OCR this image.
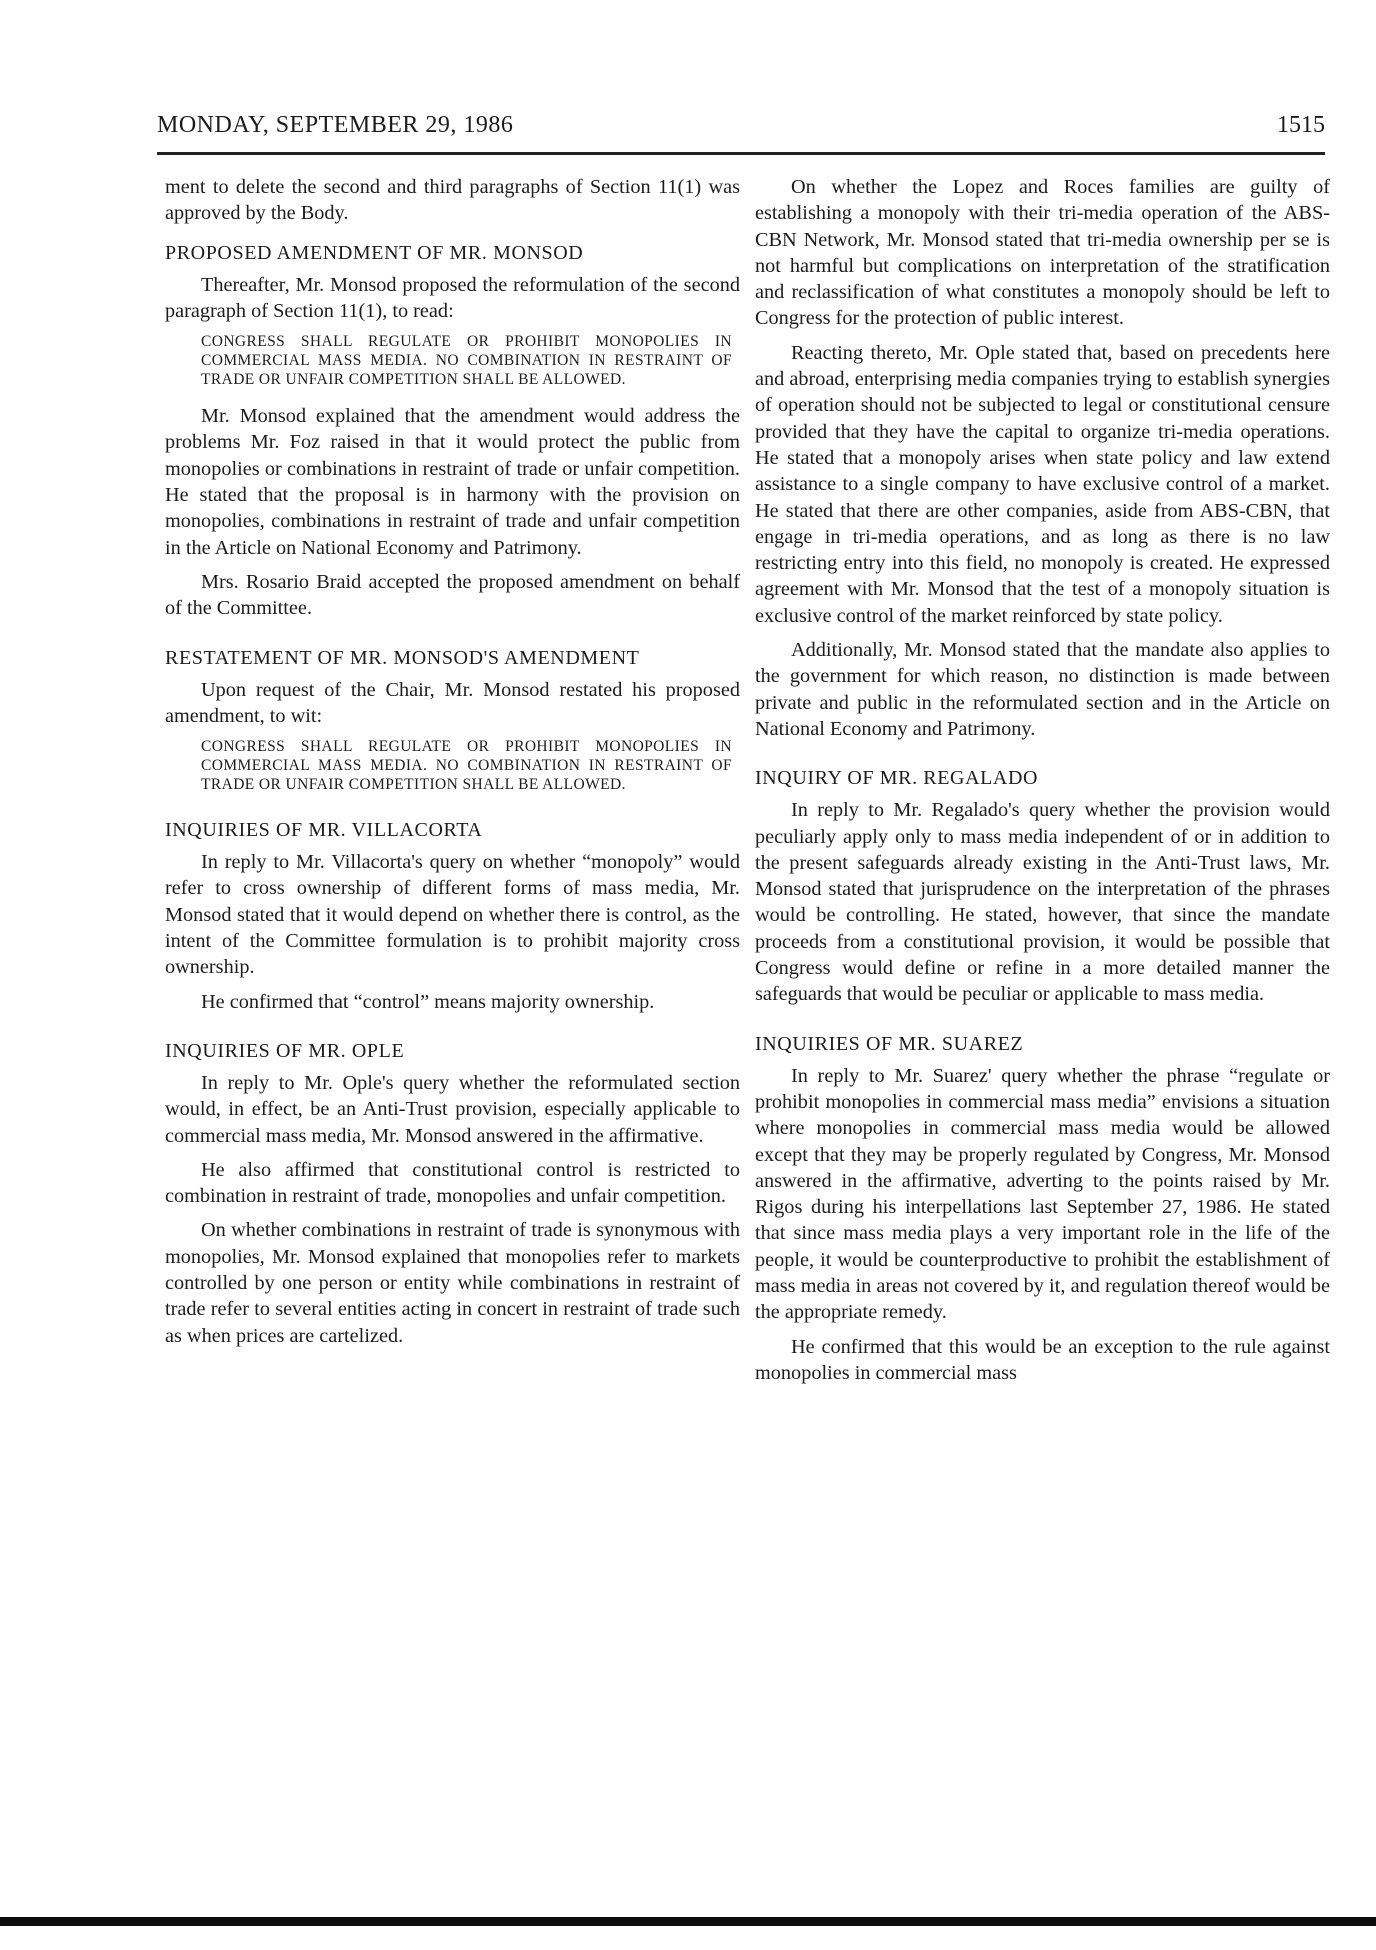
MONDAY, SEPTEMBER 29, 1986	1515

ment to delete the second and third paragraphs of Section 11(1) was approved by the Body.

PROPOSED AMENDMENT OF MR. MONSOD

Thereafter, Mr. Monsod proposed the reformulation of the second paragraph of Section 11(1), to read:

CONGRESS SHALL REGULATE OR PROHIBIT MONOPOLIES IN COMMERCIAL MASS MEDIA. NO COMBINATION IN RESTRAINT OF TRADE OR UNFAIR COMPETITION SHALL BE ALLOWED.

Mr. Monsod explained that the amendment would address the problems Mr. Foz raised in that it would protect the public from monopolies or combinations in restraint of trade or unfair competition. He stated that the proposal is in harmony with the provision on monopolies, combinations in restraint of trade and unfair competition in the Article on National Economy and Patrimony.

Mrs. Rosario Braid accepted the proposed amendment on behalf of the Committee.

RESTATEMENT OF MR. MONSOD'S AMENDMENT

Upon request of the Chair, Mr. Monsod restated his proposed amendment, to wit:

CONGRESS SHALL REGULATE OR PROHIBIT MONOPOLIES IN COMMERCIAL MASS MEDIA. NO COMBINATION IN RESTRAINT OF TRADE OR UNFAIR COMPETITION SHALL BE ALLOWED.
INQUIRIES OF MR. VILLACORTA

In reply to Mr. Villacorta's query on whether “monopoly” would refer to cross ownership of different forms of mass media, Mr. Monsod stated that it would depend on whether there is control, as the intent of the Committee formulation is to prohibit majority cross ownership.

He confirmed that “control” means majority ownership.

INQUIRIES OF MR. OPLE

In reply to Mr. Ople's query whether the reformulated section would, in effect, be an Anti-Trust provision, especially applicable to commercial mass media, Mr. Monsod answered in the affirmative.

He also affirmed that constitutional control is restricted to combination in restraint of trade, monopolies and unfair competition.

On whether combinations in restraint of trade is synonymous with monopolies, Mr. Monsod explained that monopolies refer to markets controlled by one person or entity while combinations in restraint of trade refer to several entities acting in concert in restraint of trade such as when prices are cartelized.

On whether the Lopez and Roces families are guilty of establishing a monopoly with their tri-media operation of the ABS-CBN Network, Mr. Monsod stated that tri-media ownership per se is not harmful but complications on interpretation of the stratification and reclassification of what constitutes a monopoly should be left to Congress for the protection of public interest.

Reacting thereto, Mr. Ople stated that, based on precedents here and abroad, enterprising media companies trying to establish synergies of operation should not be subjected to legal or constitutional censure provided that they have the capital to organize tri-media operations. He stated that a monopoly arises when state policy and law extend assistance to a single company to have exclusive control of a market. He stated that there are other companies, aside from ABS-CBN, that engage in tri-media operations, and as long as there is no law restricting entry into this field, no monopoly is created. He expressed agreement with Mr. Monsod that the test of a monopoly situation is exclusive control of the market reinforced by state policy.

Additionally, Mr. Monsod stated that the mandate also applies to the government for which reason, no distinction is made between private and public in the reformulated section and in the Article on National Economy and Patrimony.

INQUIRY OF MR. REGALADO

In reply to Mr. Regalado's query whether the provision would peculiarly apply only to mass media independent of or in addition to the present safeguards already existing in the Anti-Trust laws, Mr. Monsod stated that jurisprudence on the interpretation of the phrases would be controlling. He stated, however, that since the mandate proceeds from a constitutional provision, it would be possible that Congress would define or refine in a more detailed manner the safeguards that would be peculiar or applicable to mass media.

INQUIRIES OF MR. SUAREZ

In reply to Mr. Suarez' query whether the phrase “regulate or prohibit monopolies in commercial mass media” envisions a situation where monopolies in commercial mass media would be allowed except that they may be properly regulated by Congress, Mr. Monsod answered in the affirmative, adverting to the points raised by Mr. Rigos during his interpellations last September 27, 1986. He stated that since mass media plays a very important role in the life of the people, it would be counterproductive to prohibit the establishment of mass media in areas not covered by it, and regulation thereof would be the appropriate remedy.

He confirmed that this would be an exception to the rule against monopolies in commercial mass
